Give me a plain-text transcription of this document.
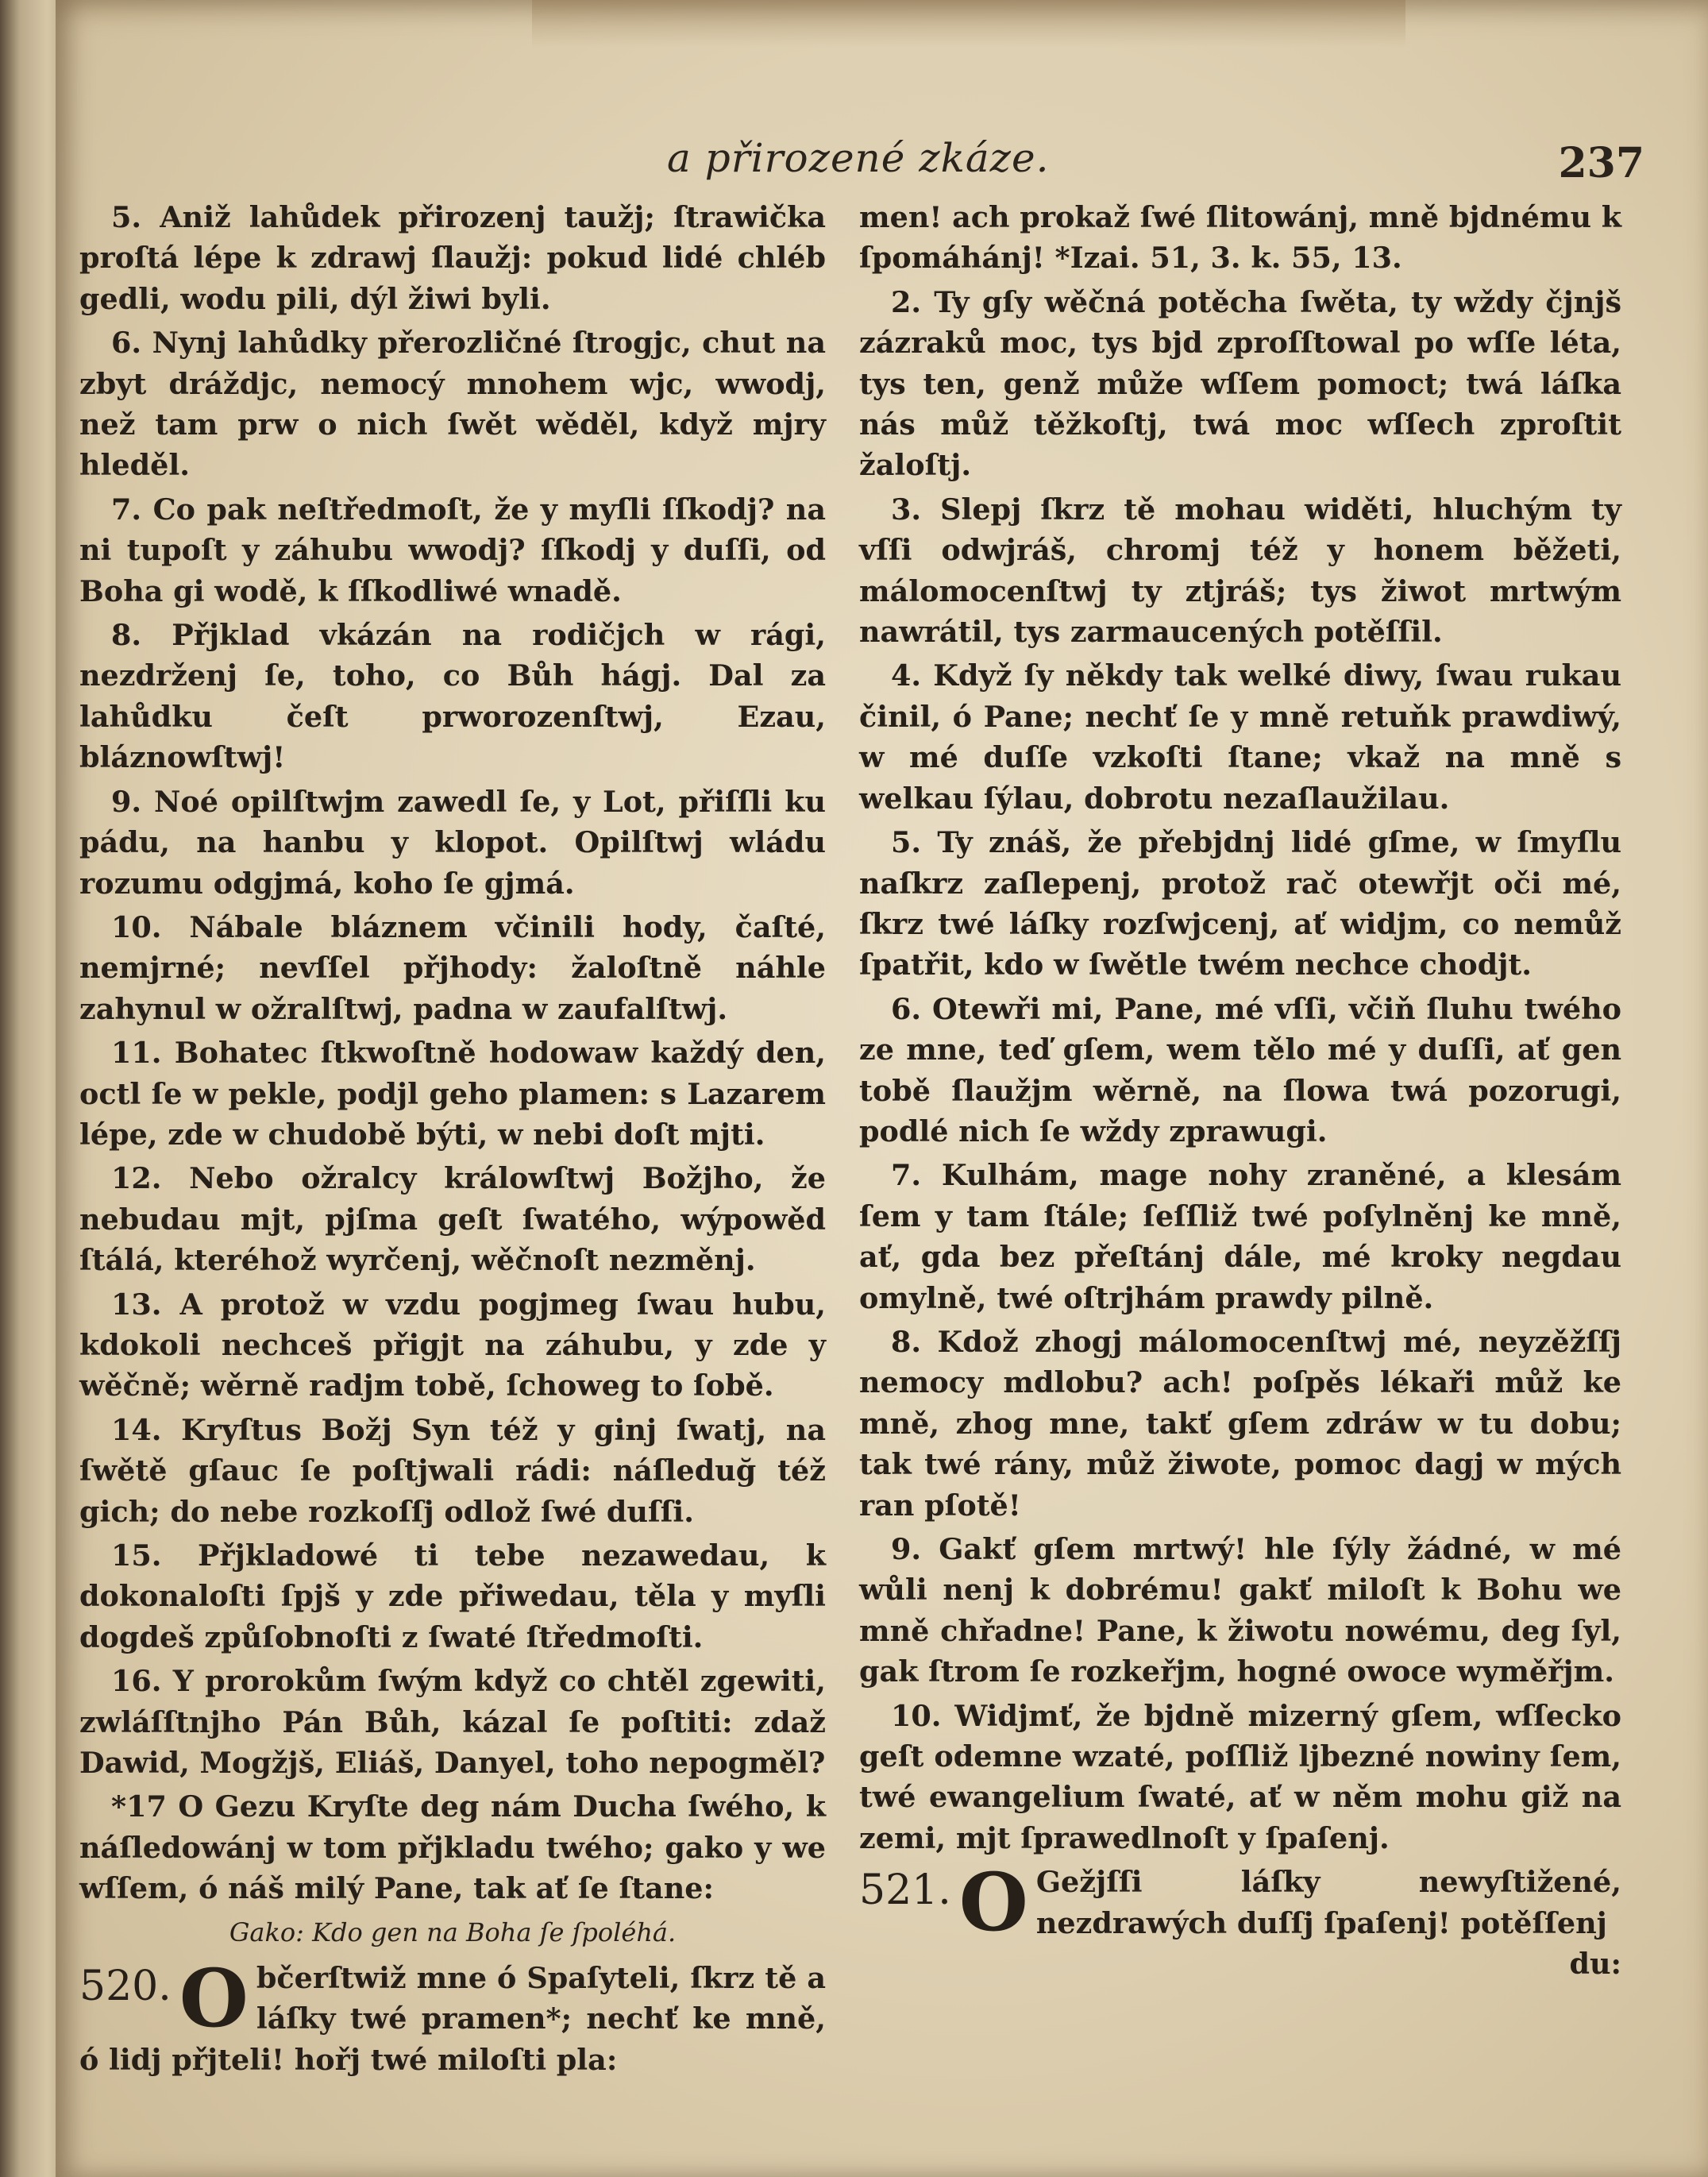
a přirozené zkáze.	237

5. Aniž lahůdek přirozenj taužj; ſtrawička proſtá lépe k zdrawj ſlaužj: pokud lidé chléb gedli, wodu pili, dýl žiwi byli.

6. Nynj lahůdky přerozličné ſtrogjc, chut na zbyt dráždjc, nemocý mnohem wjc, wwodj, než tam prw o nich ſwět wěděl, když mjry hleděl.

7. Co pak neſtředmoſt, že y myſli ſſkodj? na ni tupoſt y záhubu wwodj? ſſkodj y duſſi, od Boha gi wodě, k ſſkodliwé wnadě.

8. Přjklad vkázán na rodičjch w rági, nezdrženj ſe, toho, co Bůh hágj. Dal za lahůdku čeſt prworozenſtwj, Ezau, bláznowſtwj!

9. Noé opilſtwjm zawedl ſe, y Lot, přiſſli ku pádu, na hanbu y klopot. Opilſtwj wládu rozumu odgjmá, koho ſe gjmá.

10. Nábale bláznem včinili hody, čaſté, nemjrné; nevſſel přjhody: žaloſtně náhle zahynul w ožralſtwj, padna w zaufalſtwj.

11. Bohatec ſtkwoſtně hodowaw každý den, octl ſe w pekle, podjl geho plamen: s Lazarem lépe, zde w chudobě býti, w nebi doſt mjti.

12. Nebo ožralcy králowſtwj Božjho, že nebudau mjt, pjſma geſt ſwatého, wýpowěd ſtálá, kteréhož wyrčenj, wěčnoſt nezměnj.

13. A protož w vzdu pogjmeg ſwau hubu, kdokoli nechceš přigjt na záhubu, y zde y wěčně; wěrně radjm tobě, ſchoweg to ſobě.

14. Kryſtus Božj Syn též y ginj ſwatj, na ſwětě gſauc ſe poſtjwali rádi: náſleduğ též gich; do nebe rozkoſſj odlož ſwé duſſi.

15. Přjkladowé ti tebe nezawedau, k dokonaloſti ſpjš y zde přiwedau, těla y myſli dogdeš způſobnoſti z ſwaté ſtředmoſti.

16. Y prorokům ſwým když co chtěl zgewiti, zwláſſtnjho Pán Bůh, kázal ſe poſtiti: zdaž Dawid, Mogžjš, Eliáš, Danyel, toho nepogměl?

*17 O Gezu Kryſte deg nám Ducha ſwého, k náſledowánj w tom přjkladu twého; gako y we wſſem, ó náš milý Pane, tak ať ſe ſtane:

Gako: Kdo gen na Boha ſe ſpoléhá.

520. O bčerſtwiž mne ó Spaſyteli, ſkrz tě a láſky twé pramen*; nechť ke mně, ó lidj přjteli! hořj twé miloſti pla:

men! ach prokaž ſwé ſlitowánj, mně bjdnému k ſpomáhánj! *Izai. 51, 3. k. 55, 13.

2. Ty gſy wěčná potěcha ſwěta, ty wždy čjnjš zázraků moc, tys bjd zproſſtowal po wſſe léta, tys ten, genž může wſſem pomoct; twá láſka nás můž těžkoſtj, twá moc wſſech zproſtit žaloſtj.

3. Slepj ſkrz tě mohau widěti, hluchým ty vſſi odwjráš, chromj též y honem běžeti, málomocenſtwj ty ztjráš; tys žiwot mrtwým nawrátil, tys zarmaucených potěſſil.

4. Když ſy někdy tak welké diwy, ſwau rukau činil, ó Pane; nechť ſe y mně retuňk prawdiwý, w mé duſſe vzkoſti ſtane; vkaž na mně s welkau ſýlau, dobrotu nezaſlaužilau.

5. Ty znáš, že přebjdnj lidé gſme, w ſmyſlu naſkrz zaſlepenj, protož rač otewřjt oči mé, ſkrz twé láſky rozſwjcenj, ať widjm, co nemůž ſpatřit, kdo w ſwětle twém nechce chodjt.

6. Otewři mi, Pane, mé vſſi, včiň ſluhu twého ze mne, teď gſem, wem tělo mé y duſſi, ať gen tobě ſlaužjm wěrně, na ſlowa twá pozorugi, podlé nich ſe wždy zprawugi.

7. Kulhám, mage nohy zraněné, a klesám ſem y tam ſtále; ſeſſliž twé poſylněnj ke mně, ať, gda bez přeſtánj dále, mé kroky negdau omylně, twé oſtrjhám prawdy pilně.

8. Kdož zhogj málomocenſtwj mé, neyzěžſſj nemocy mdlobu? ach! poſpěs lékaři můž ke mně, zhog mne, takť gſem zdráw w tu dobu; tak twé rány, můž žiwote, pomoc dagj w mých ran pſotě!

9. Gakť gſem mrtwý! hle ſýly žádné, w mé wůli nenj k dobrému! gakť miloſt k Bohu we mně chřadne! Pane, k žiwotu nowému, deg ſyl, gak ſtrom ſe rozkeřjm, hogné owoce wyměřjm.

10. Widjmť, že bjdně mizerný gſem, wſſecko geſt odemne wzaté, poſſliž ljbezné nowiny ſem, twé ewangelium ſwaté, ať w něm mohu giž na zemi, mjt ſprawedlnoſt y ſpaſenj.

521. O Gežjſſi láſky newyſtižené, nezdrawých duſſj ſpaſenj! potěſſenj

du:
